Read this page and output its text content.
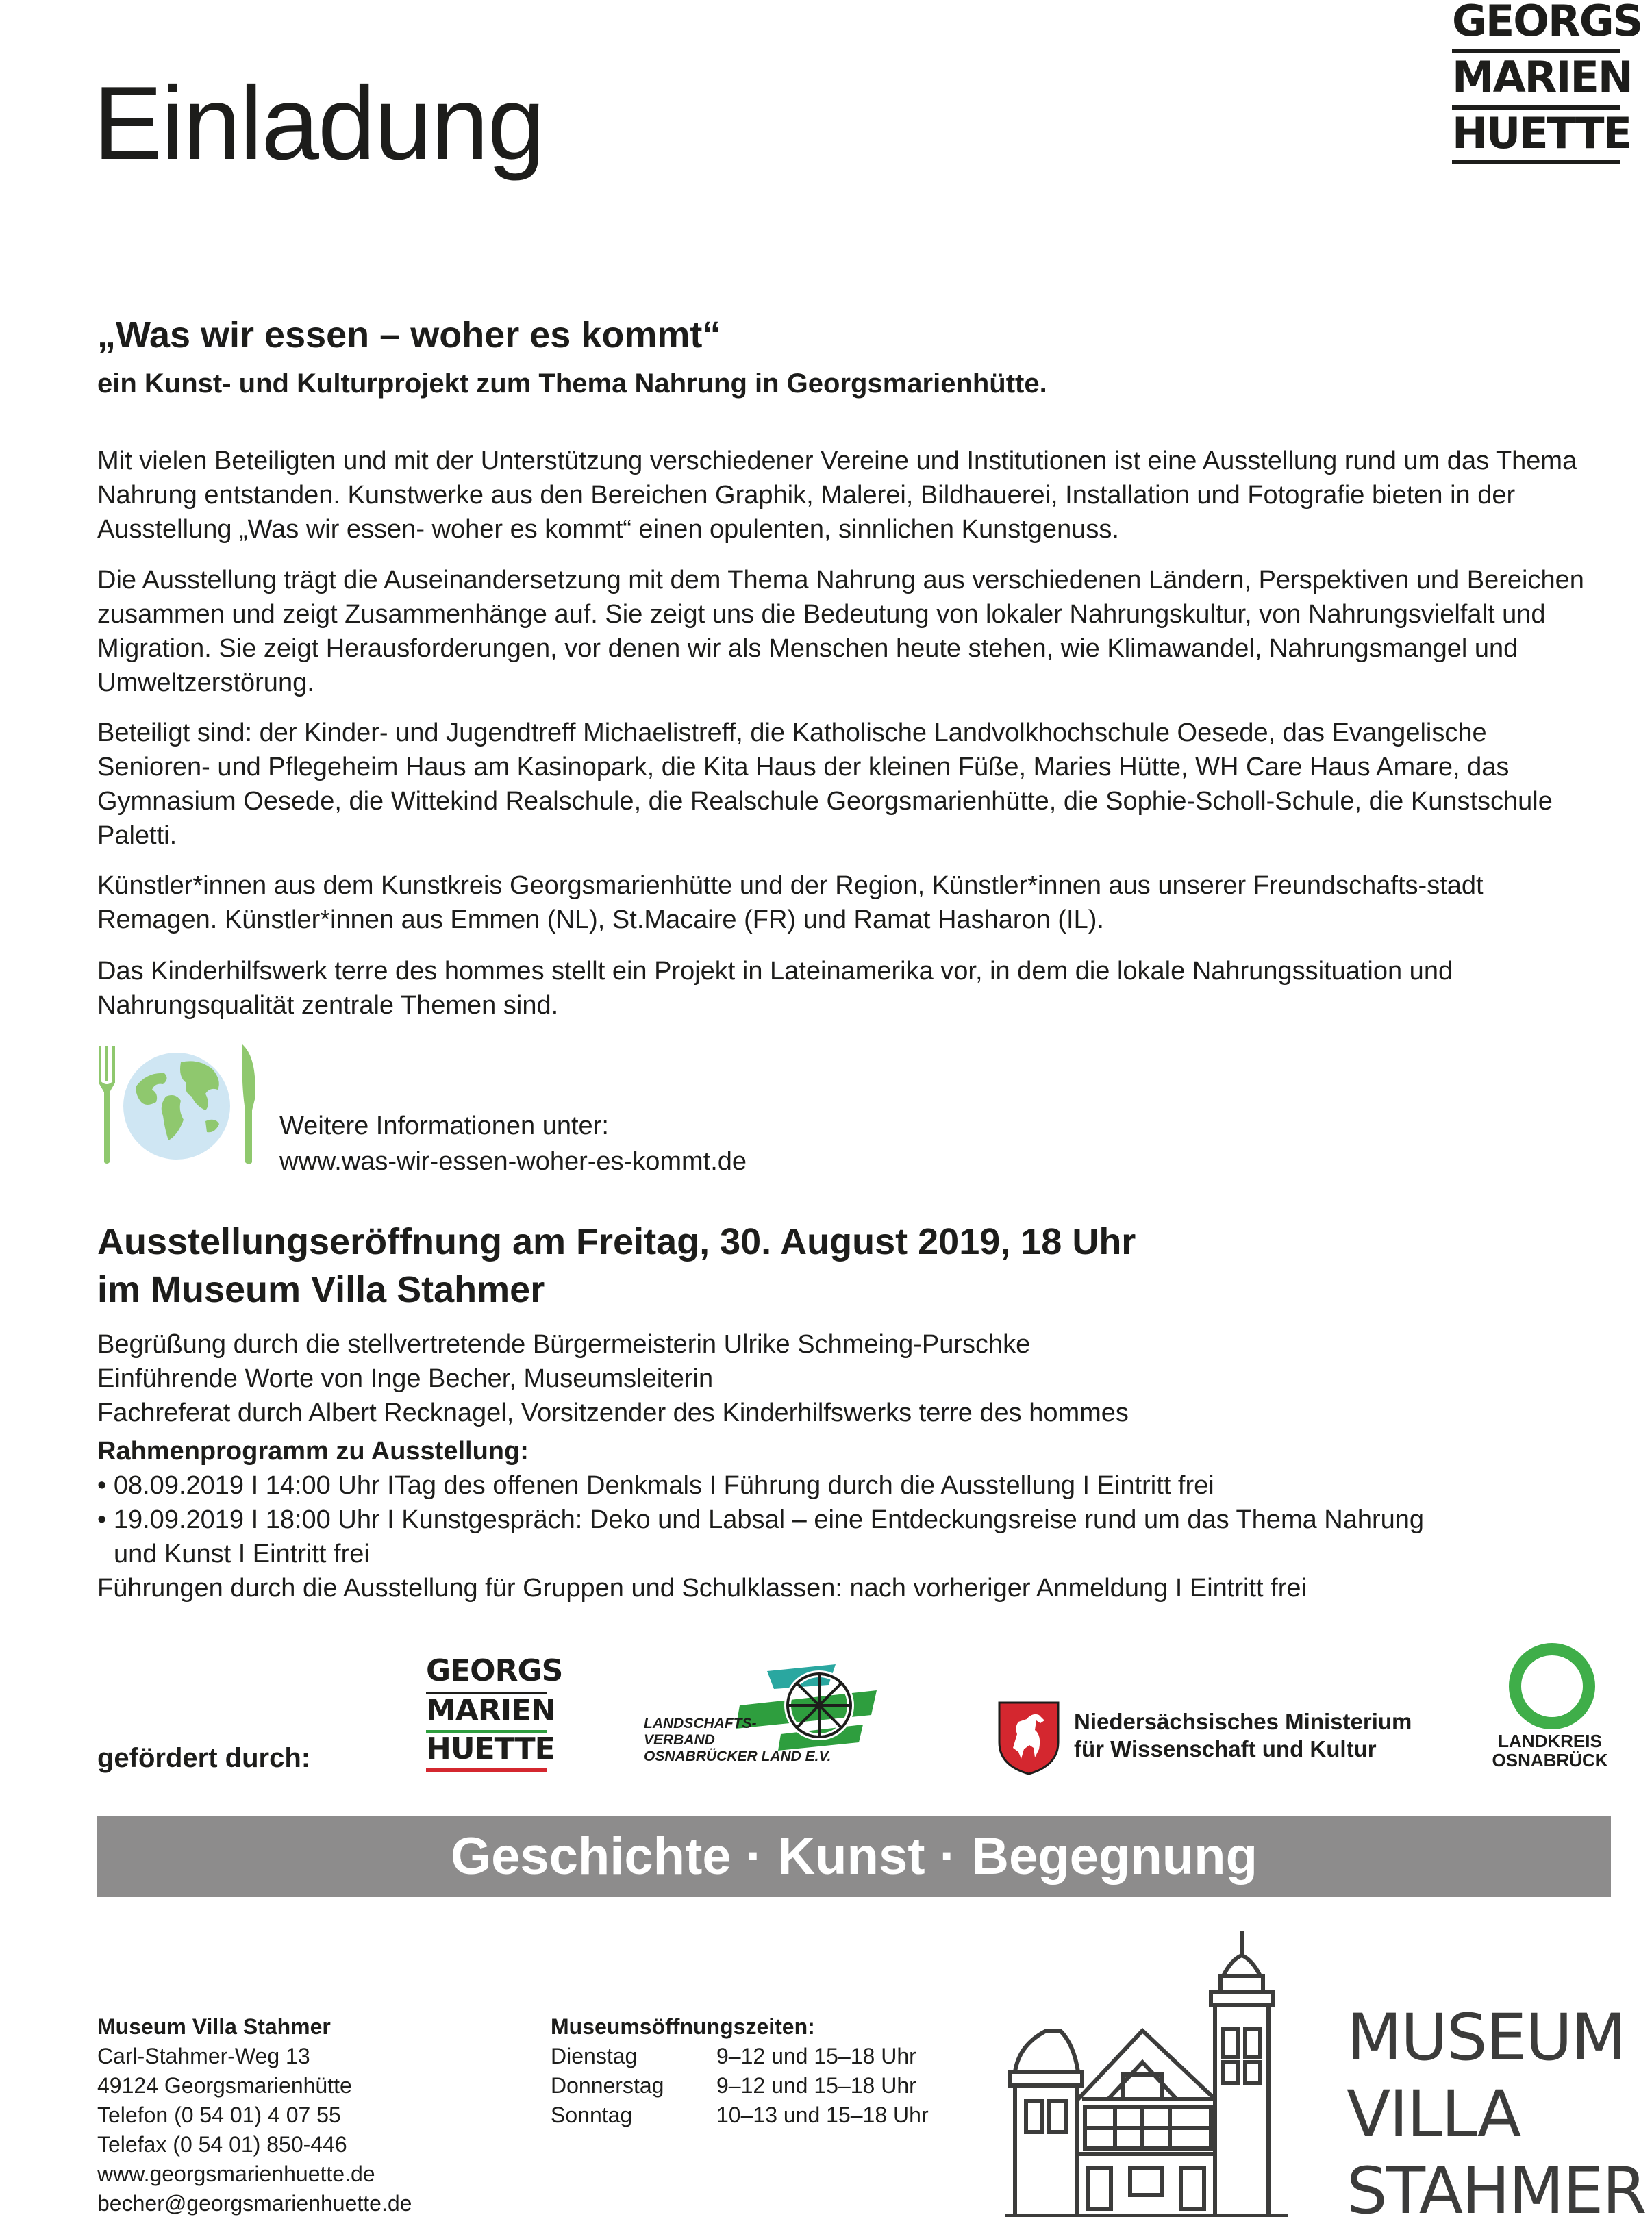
Einladung
GEORGS
MARIEN
HUETTE
„Was wir essen – woher es kommt“
ein Kunst- und Kulturprojekt zum Thema Nahrung in Georgsmarienhütte.

Mit vielen Beteiligten und mit der Unterstützung verschiedener Vereine und Institutionen ist eine Ausstellung rund um das Thema Nahrung entstanden. Kunstwerke aus den Bereichen Graphik, Malerei, Bildhauerei, Installation und Fotografie bieten in der Ausstellung „Was wir essen- woher es kommt“ einen opulenten, sinnlichen Kunstgenuss.

Die Ausstellung trägt die Auseinandersetzung mit dem Thema Nahrung aus verschiedenen Ländern, Perspektiven und Bereichen zusammen und zeigt Zusammenhänge auf. Sie zeigt uns die Bedeutung von lokaler Nahrungskultur, von Nahrungsvielfalt und Migration. Sie zeigt Herausforderungen, vor denen wir als Menschen heute stehen, wie Klimawandel, Nahrungsmangel und Umweltzerstörung.

Beteiligt sind: der Kinder- und Jugendtreff Michaelistreff, die Katholische Landvolkhochschule Oesede, das Evangelische Senioren- und Pflegeheim Haus am Kasinopark, die Kita Haus der kleinen Füße, Maries Hütte, WH Care Haus Amare, das Gymnasium Oesede, die Wittekind Realschule, die Realschule Georgsmarienhütte, die Sophie-Scholl-Schule, die Kunstschule Paletti.

Künstler*innen aus dem Kunstkreis Georgsmarienhütte und der Region, Künstler*innen aus unserer Freundschafts-stadt Remagen. Künstler*innen aus Emmen (NL), St.Macaire (FR) und Ramat Hasharon (IL).

Das Kinderhilfswerk terre des hommes stellt ein Projekt in Lateinamerika vor, in dem die lokale Nahrungssituation und Nahrungsqualität zentrale Themen sind.

Weitere Informationen unter:
www.was-wir-essen-woher-es-kommt.de
Ausstellungseröffnung am Freitag, 30. August 2019, 18 Uhr
im Museum Villa Stahmer
Begrüßung durch die stellvertretende Bürgermeisterin Ulrike Schmeing-Purschke
Einführende Worte von Inge Becher, Museumsleiterin
Fachreferat durch Albert Recknagel, Vorsitzender des Kinderhilfswerks terre des hommes
Rahmenprogramm zu Ausstellung:
• 08.09.2019 I 14:00 Uhr ITag des offenen Denkmals I Führung durch die Ausstellung I Eintritt frei
• 19.09.2019 I 18:00 Uhr I Kunstgespräch: Deko und Labsal – eine Entdeckungsreise rund um das Thema Nahrung
und Kunst I Eintritt frei
Führungen durch die Ausstellung für Gruppen und Schulklassen: nach vorheriger Anmeldung I Eintritt frei
gefördert durch:
GEORGS
MARIEN
HUETTE
LANDSCHAFTS-
VERBAND
OSNABRÜCKER LAND E.V.
Niedersächsisches Ministerium
für Wissenschaft und Kultur	LANDKREIS
OSNABRÜCK
Geschichte · Kunst · Begegnung
Museum Villa Stahmer
Carl-Stahmer-Weg 13
49124 Georgsmarienhütte
Telefon (0 54 01) 4 07 55
Telefax (0 54 01) 850-446
www.georgsmarienhuette.de
becher@georgsmarienhuette.de
Museumsöffnungszeiten:
Dienstag	9–12 und 15–18 Uhr
Donnerstag	9–12 und 15–18 Uhr
Sonntag	10–13 und 15–18 Uhr
MUSEUM
VILLA
STAHMER
